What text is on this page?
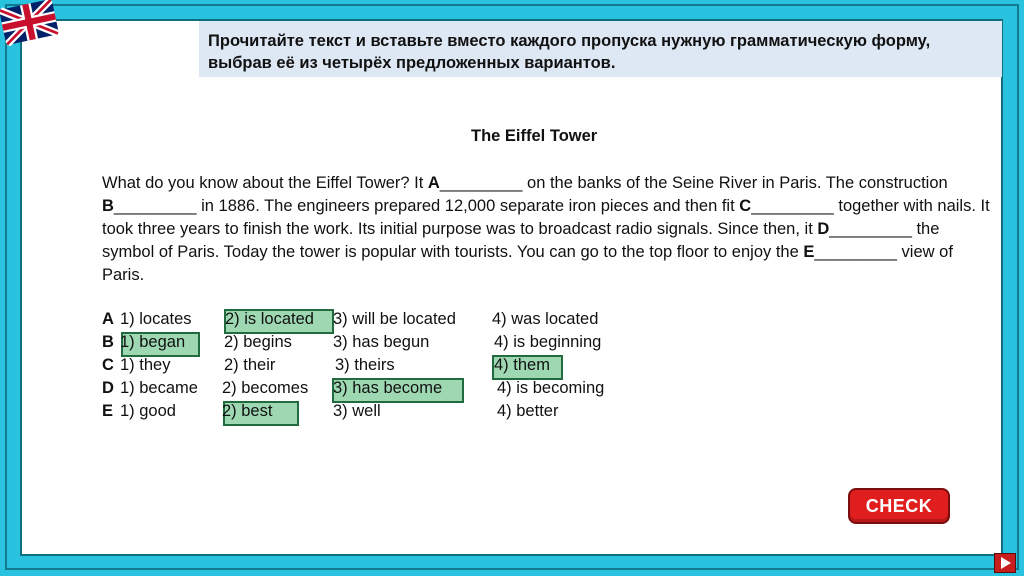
Прочитайте текст и вставьте вместо каждого пропуска нужную грамматическую форму, выбрав её из четырёх предложенных вариантов.
The Eiffel Tower
What do you know about the Eiffel Tower? It A_________ on the banks of the Seine River in Paris. The construction B_________ in 1886. The engineers prepared 12,000 separate iron pieces and then fit C_________ together with nails. It took three years to finish the work. Its initial purpose was to broadcast radio signals. Since then, it D_________ the symbol of Paris. Today the tower is popular with tourists. You can go to the top floor to enjoy the E_________ view of Paris.
A 1) locates 2) is located 3) will be located 4) was located
B 1) began 2) begins 3) has begun	4) is beginning
C 1) they	2) their	3) theirs	4) them
D 1) became 2) becomes 3) has become	4) is becoming
E 1) good	2) best	3) well	4) better
CHECK
